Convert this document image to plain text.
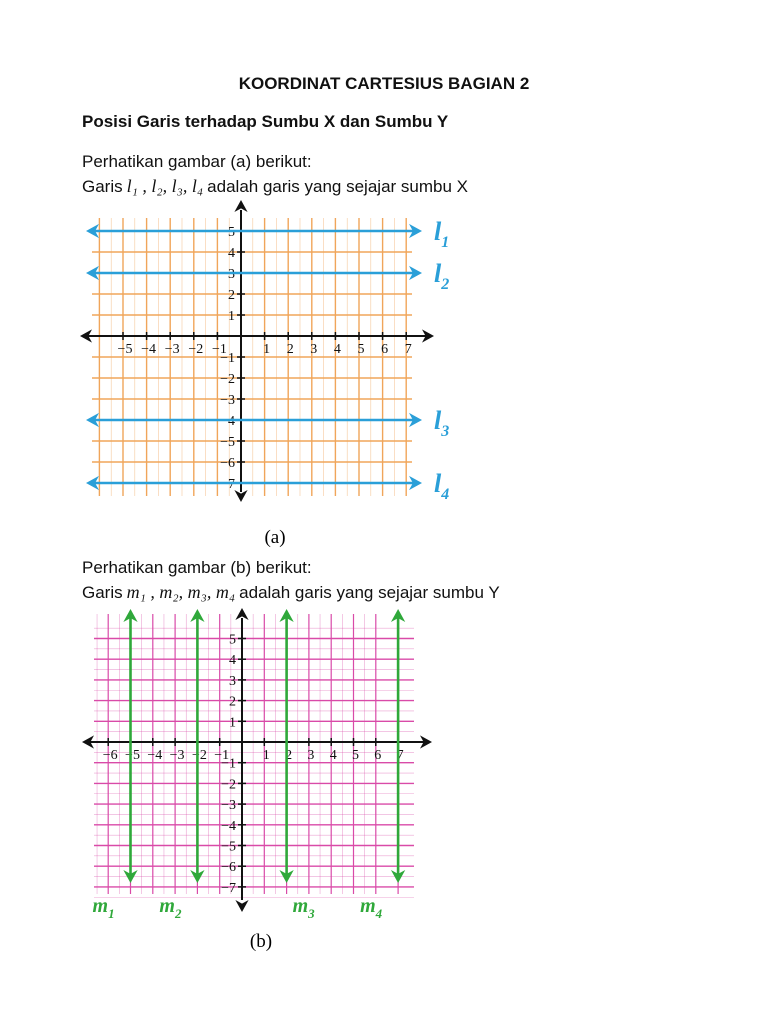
KOORDINAT CARTESIUS BAGIAN 2
Posisi Garis terhadap Sumbu X dan Sumbu Y
Perhatikan gambar (a) berikut:
Garis l₁ , l₂, l₃, l₄ adalah garis yang sejajar sumbu X
−5 −4 −3 −2 −1	1 2 3 4 5 6 7
−7
−6
−5
−4
−3
−2
−1
1
2
3
4
5	l1
l2
l3
l4
(a)
Perhatikan gambar (b) berikut:
Garis m₁ , m₂, m₃, m₄ adalah garis yang sejajar sumbu Y
−6 −5 −4 −3 −2 −1 1 2 3 4 5 6 7
−7
−6
−5
−4
−3
−2
−1
1
2
3
4
5
$m_1$ $m_2$	$m_3$ $m_4$
(b)
